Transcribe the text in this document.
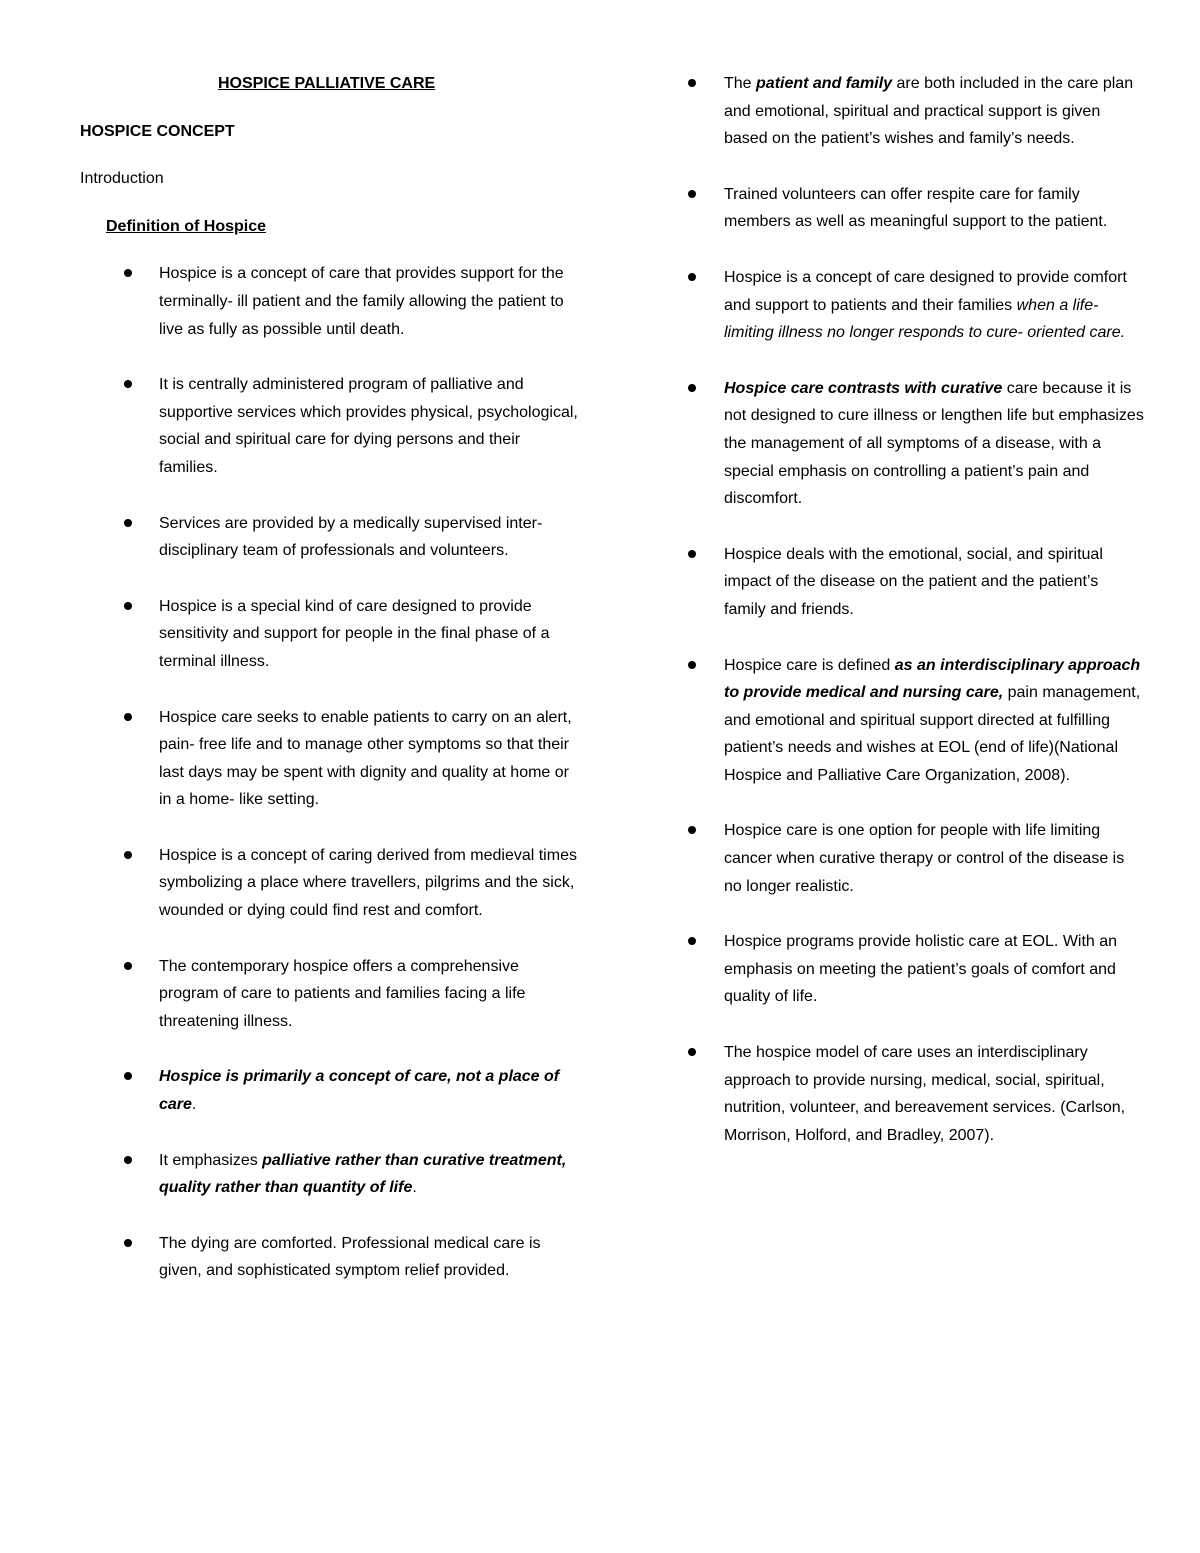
HOSPICE PALLIATIVE CARE
HOSPICE CONCEPT
Introduction
Definition of Hospice
Hospice is a concept of care that provides support for the terminally- ill patient and the family allowing the patient to live as fully as possible until death.
It is centrally administered program of palliative and supportive services which provides physical, psychological, social and spiritual care for dying persons and their families.
Services are provided by a medically supervised inter- disciplinary team of professionals and volunteers.
Hospice is a special kind of care designed to provide sensitivity and support for people in the final phase of a terminal illness.
Hospice care seeks to enable patients to carry on an alert, pain- free life and to manage other symptoms so that their last days may be spent with dignity and quality at home or in a home- like setting.
Hospice is a concept of caring derived from medieval times symbolizing a place where travellers, pilgrims and the sick, wounded or dying could find rest and comfort.
The contemporary hospice offers a comprehensive program of care to patients and families facing a life threatening illness.
Hospice is primarily a concept of care, not a place of care.
It emphasizes palliative rather than curative treatment, quality rather than quantity of life.
The dying are comforted. Professional medical care is given, and sophisticated symptom relief provided.
The patient and family are both included in the care plan and emotional, spiritual and practical support is given based on the patient’s wishes and family’s needs.
Trained volunteers can offer respite care for family members as well as meaningful support to the patient.
Hospice is a concept of care designed to provide comfort and support to patients and their families when a life- limiting illness no longer responds to cure- oriented care.
Hospice care contrasts with curative care because it is not designed to cure illness or lengthen life but emphasizes the management of all symptoms of a disease, with a special emphasis on controlling a patient’s pain and discomfort.
Hospice deals with the emotional, social, and spiritual impact of the disease on the patient and the patient’s family and friends.
Hospice care is defined as an interdisciplinary approach to provide medical and nursing care, pain management, and emotional and spiritual support directed at fulfilling patient’s needs and wishes at EOL (end of life)(National Hospice and Palliative Care Organization, 2008).
Hospice care is one option for people with life limiting cancer when curative therapy or control of the disease is no longer realistic.
Hospice programs provide holistic care at EOL. With an emphasis on meeting the patient’s goals of comfort and quality of life.
The hospice model of care uses an interdisciplinary approach to provide nursing, medical, social, spiritual, nutrition, volunteer, and bereavement services. (Carlson, Morrison, Holford, and Bradley, 2007).
